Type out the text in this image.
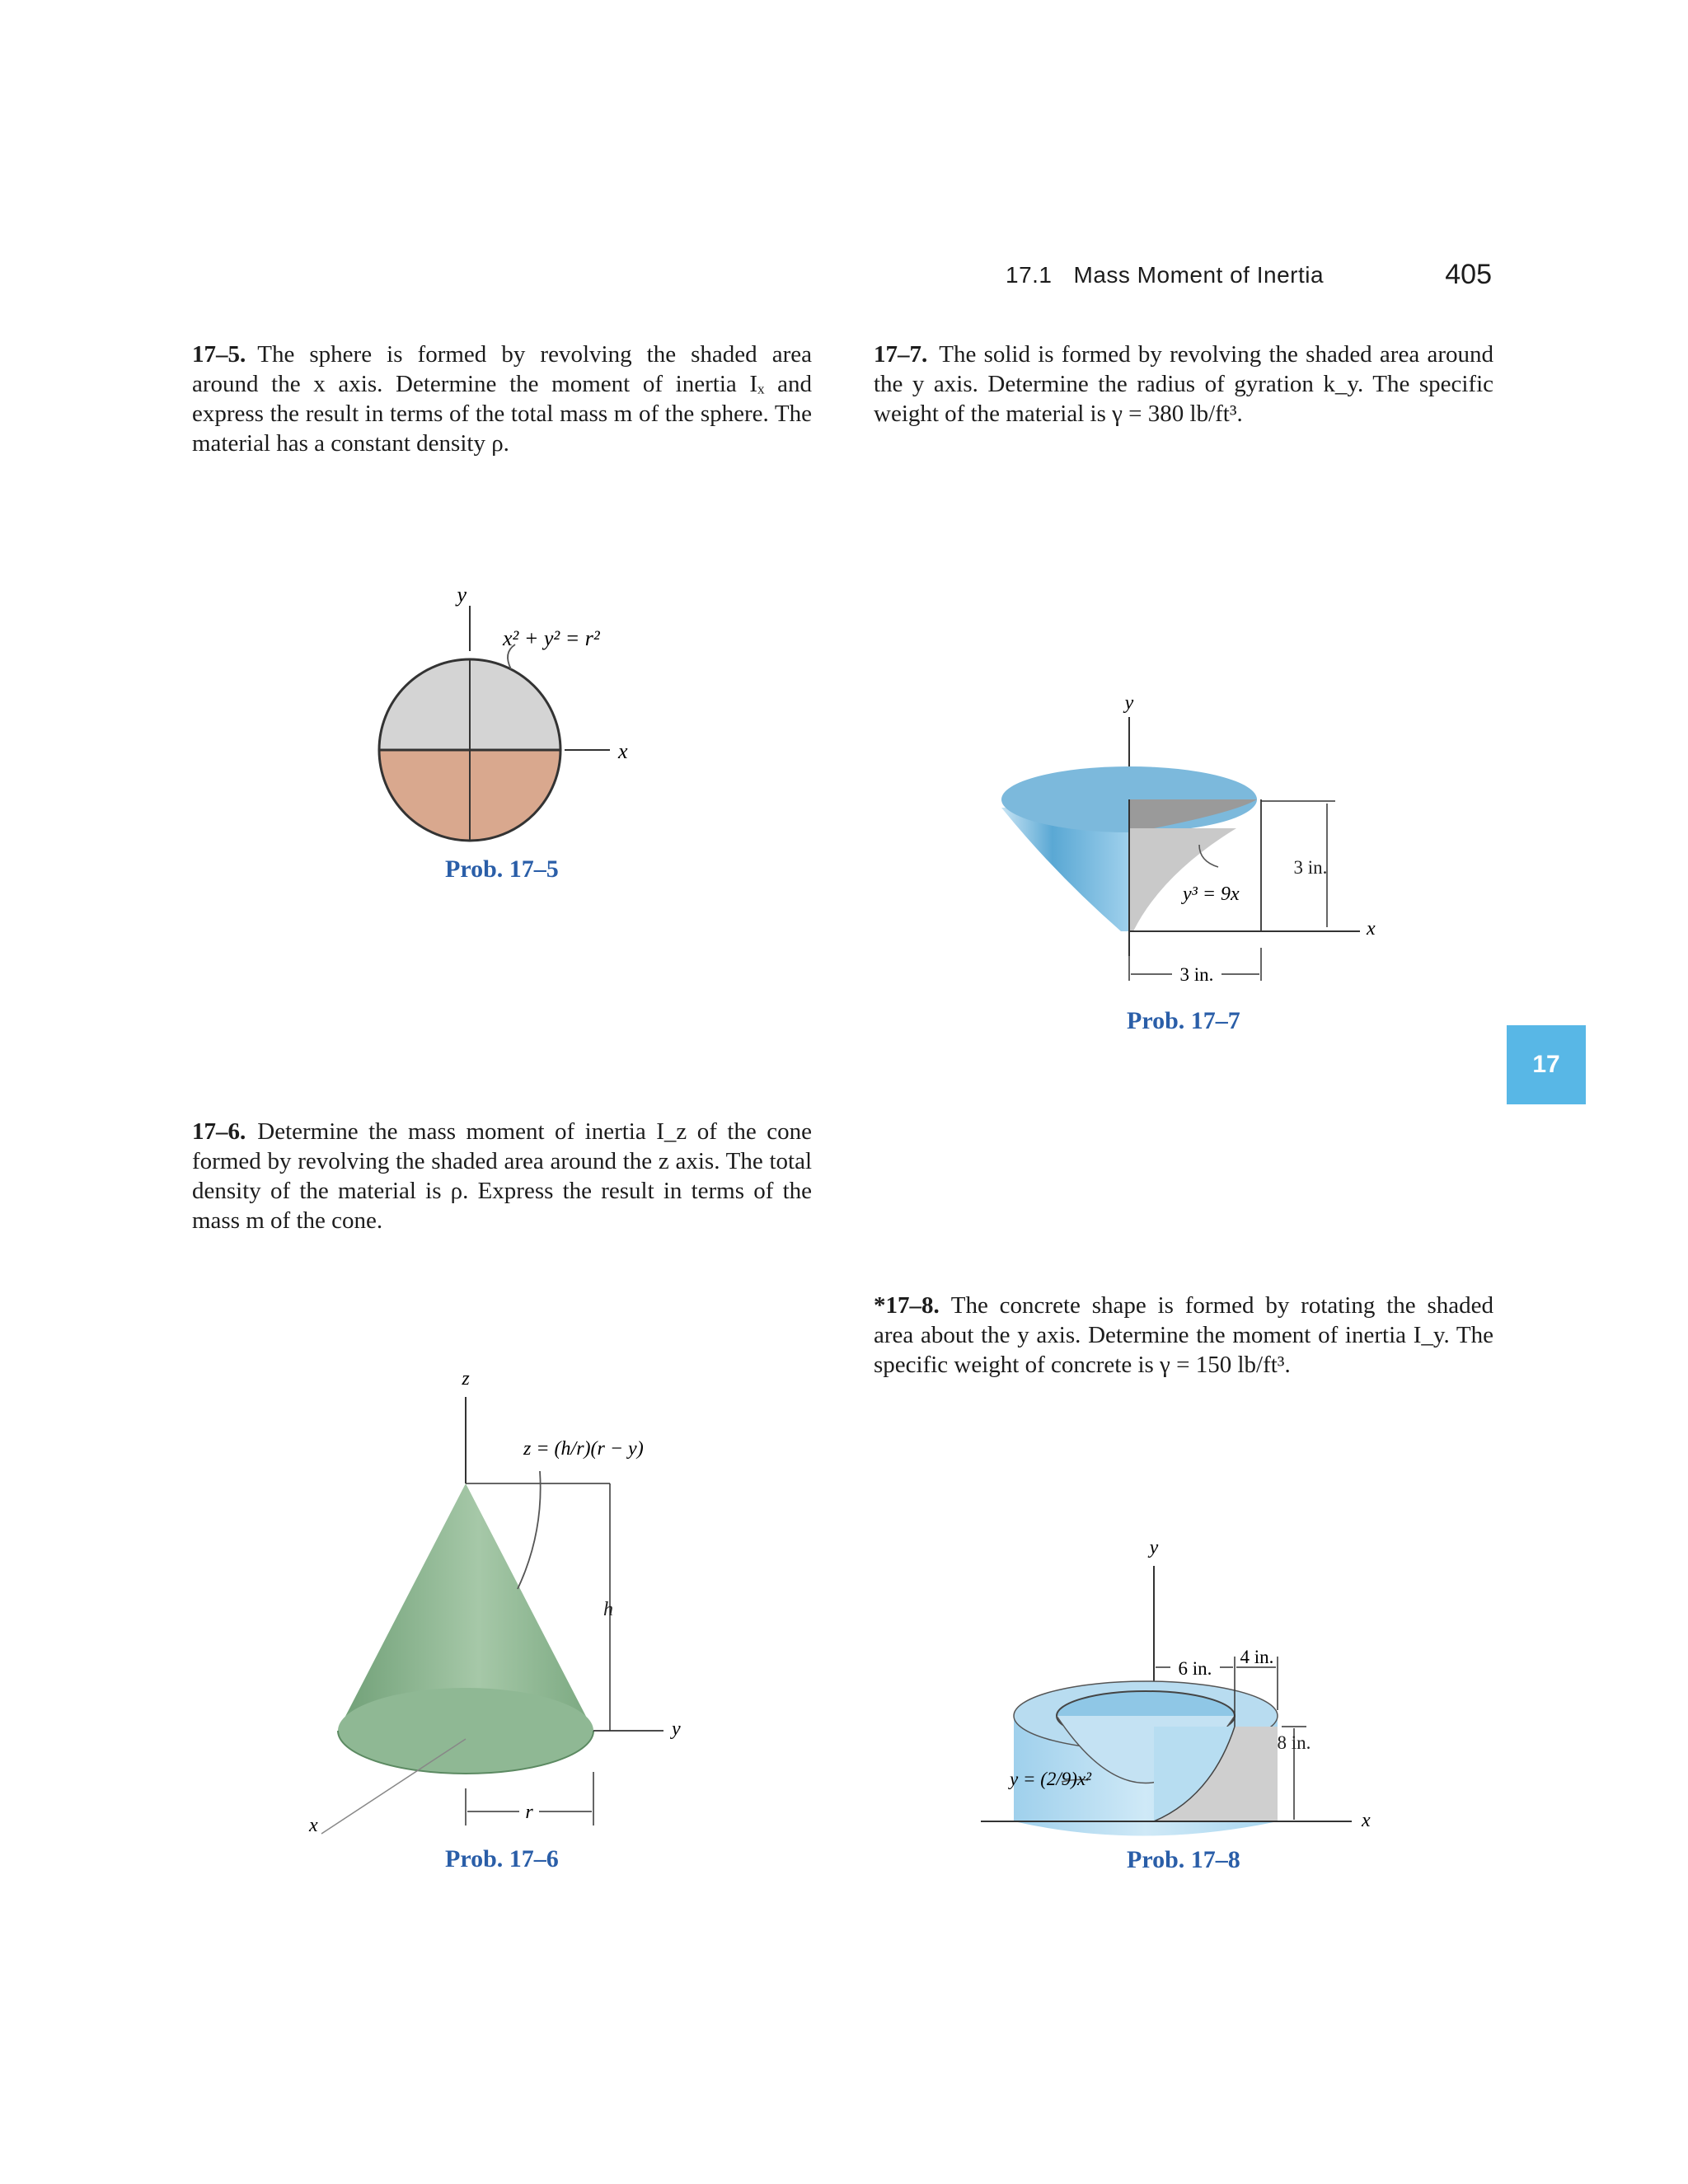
17.1 Mass Moment of Inertia	405
17
17–5. The sphere is formed by revolving the shaded area around the x axis. Determine the moment of inertia Iₓ and express the result in terms of the total mass m of the sphere. The material has a constant density ρ.
17–6. Determine the mass moment of inertia I_z of the cone formed by revolving the shaded area around the z axis. The total density of the material is ρ. Express the result in terms of the mass m of the cone.
17–7. The solid is formed by revolving the shaded area around the y axis. Determine the radius of gyration k_y. The specific weight of the material is γ = 380 lb/ft³.
*17–8. The concrete shape is formed by rotating the shaded area about the y axis. Determine the moment of inertia I_y. The specific weight of concrete is γ = 150 lb/ft³.
y
x
x² + y² = r²
Prob. 17–5
y
x
3 in.
y³ = 9x
3 in.
Prob. 17–7
z
y
h
z = (h/r)(r − y)
x
r
Prob. 17–6
y
x
6 in.
4 in.
8 in.
y = (2/9)x²
Prob. 17–8
